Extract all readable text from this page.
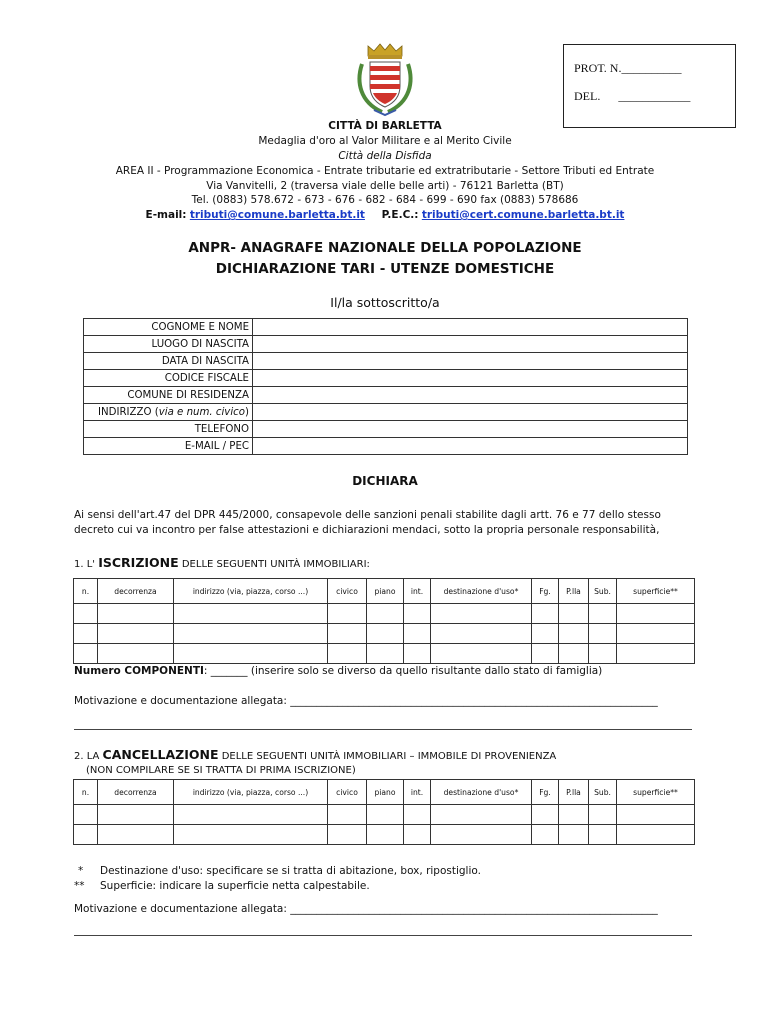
PROT. N.__________
DEL. ____________
CITTÀ DI BARLETTA
Medaglia d'oro al Valor Militare e al Merito Civile
Città della Disfida
AREA II - Programmazione Economica - Entrate tributarie ed extratributarie - Settore Tributi ed Entrate
Via Vanvitelli, 2 (traversa viale delle belle arti) - 76121 Barletta (BT)
Tel. (0883) 578.672 - 673 - 676 - 682 - 684 - 699 - 690 fax (0883) 578686
E-mail: tributi@comune.barletta.bt.it P.E.C.: tributi@cert.comune.barletta.bt.it
ANPR- ANAGRAFE NAZIONALE DELLA POPOLAZIONE
DICHIARAZIONE TARI - UTENZE DOMESTICHE
Il/la sottoscritto/a
COGNOME E NOME	
LUOGO DI NASCITA	
DATA DI NASCITA	
CODICE FISCALE	
COMUNE DI RESIDENZA	
INDIRIZZO (via e num. civico)	
TELEFONO	
E-MAIL / PEC	
DICHIARA
Ai sensi dell'art.47 del DPR 445/2000, consapevole delle sanzioni penali stabilite dagli artt. 76 e 77 dello stesso decreto cui va incontro per false attestazioni e dichiarazioni mendaci, sotto la propria personale responsabilità,
1. L' ISCRIZIONE DELLE SEGUENTI UNITÀ IMMOBILIARI:
n.	decorrenza	indirizzo (via, piazza, corso ...)	civico	piano	int.	destinazione d'uso*	Fg.	P.lla	Sub.	superficie**

Numero COMPONENTI: _______ (inserire solo se diverso da quello risultante dallo stato di famiglia)
Motivazione e documentazione allegata: ______________________________________________________________________
2. LA CANCELLAZIONE DELLE SEGUENTI UNITÀ IMMOBILIARI – IMMOBILE DI PROVENIENZA
(NON COMPILARE SE SI TRATTA DI PRIMA ISCRIZIONE)
n.	decorrenza	indirizzo (via, piazza, corso ...)	civico	piano	int.	destinazione d'uso*	Fg.	P.lla	Sub.	superficie**

* Destinazione d'uso: specificare se si tratta di abitazione, box, ripostiglio.
** Superficie: indicare la superficie netta calpestabile.
Motivazione e documentazione allegata: ______________________________________________________________________
